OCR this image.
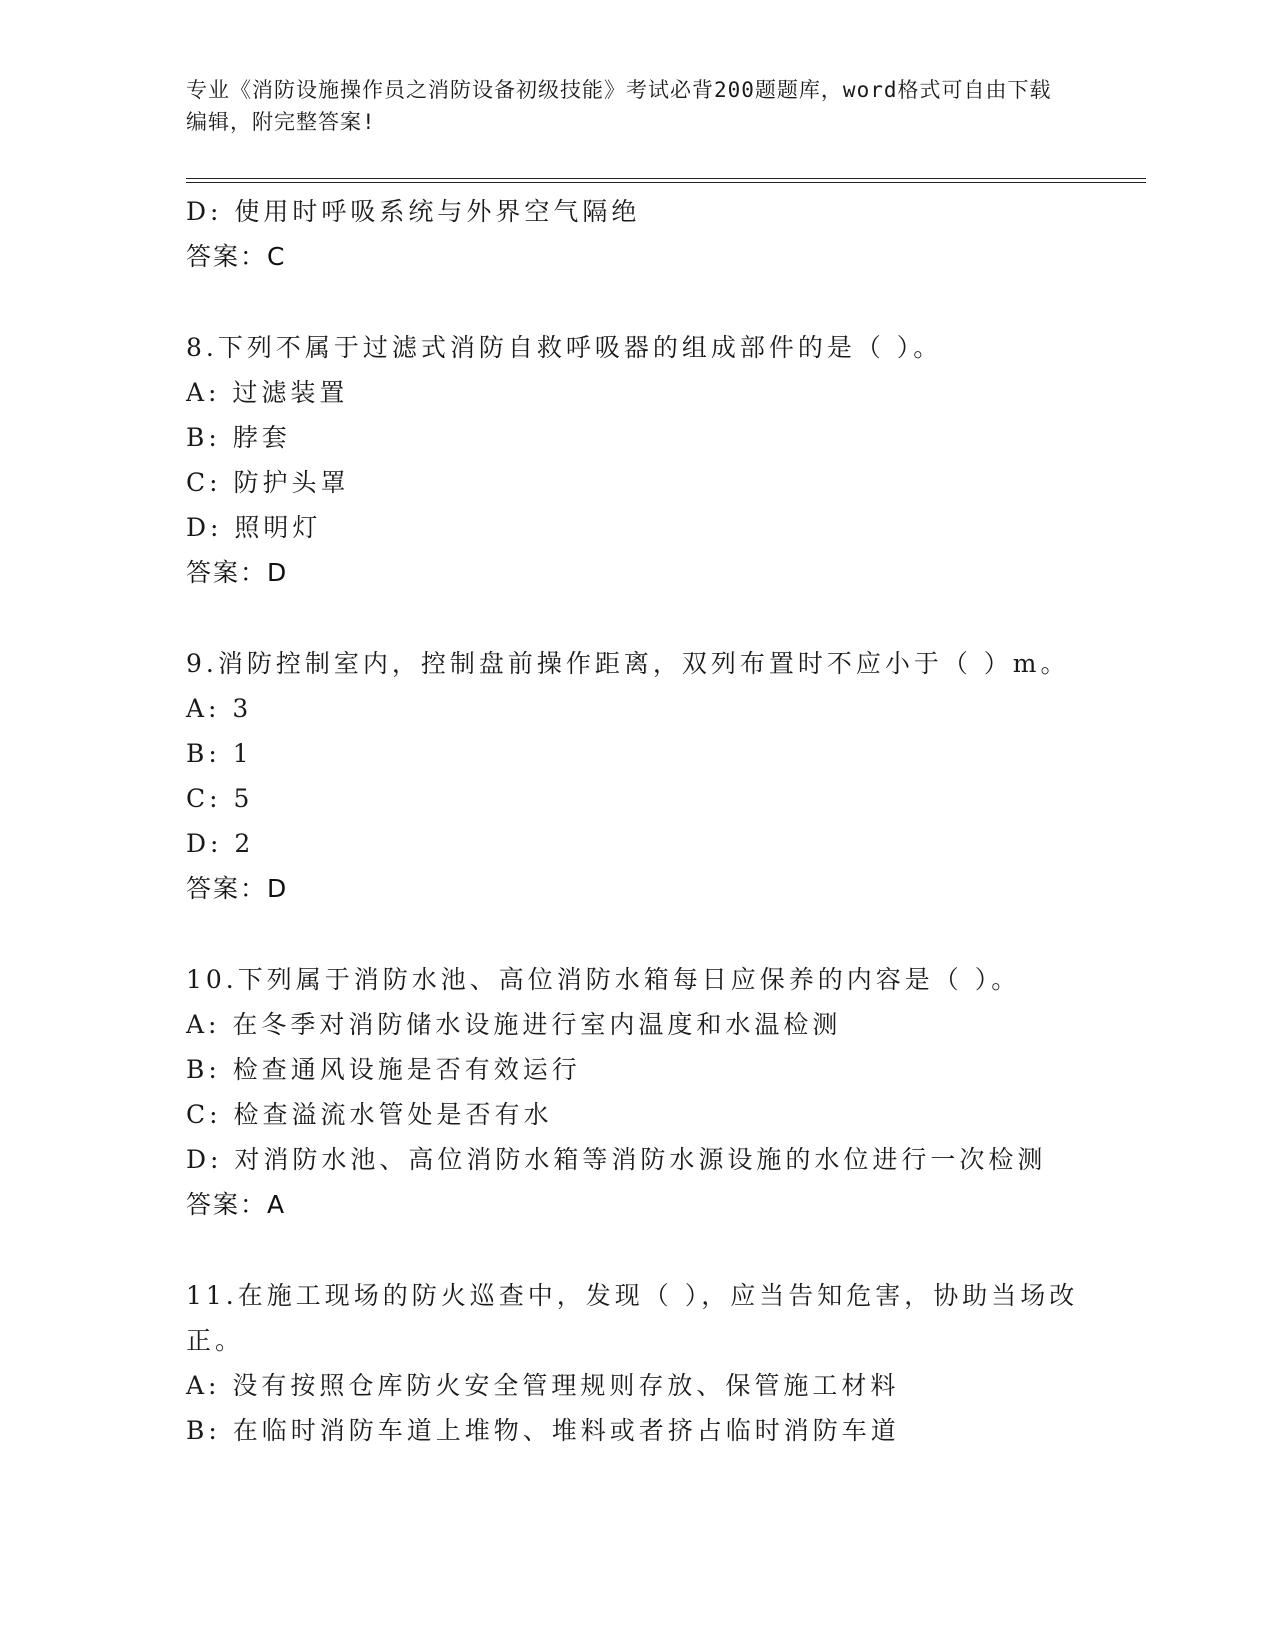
专业《消防设施操作员之消防设备初级技能》考试必背200题题库，word格式可自由下载编辑，附完整答案!
D: 使用时呼吸系统与外界空气隔绝
答案：C
8.下列不属于过滤式消防自救呼吸器的组成部件的是（ ）。
A: 过滤装置
B: 脖套
C: 防护头罩
D: 照明灯
答案：D
9.消防控制室内，控制盘前操作距离，双列布置时不应小于（ ）m。
A: 3
B: 1
C: 5
D: 2
答案：D
10.下列属于消防水池、高位消防水箱每日应保养的内容是（ ）。
A: 在冬季对消防储水设施进行室内温度和水温检测
B: 检查通风设施是否有效运行
C: 检查溢流水管处是否有水
D: 对消防水池、高位消防水箱等消防水源设施的水位进行一次检测
答案：A
11.在施工现场的防火巡查中，发现（ ），应当告知危害，协助当场改正。
A: 没有按照仓库防火安全管理规则存放、保管施工材料
B: 在临时消防车道上堆物、堆料或者挤占临时消防车道
